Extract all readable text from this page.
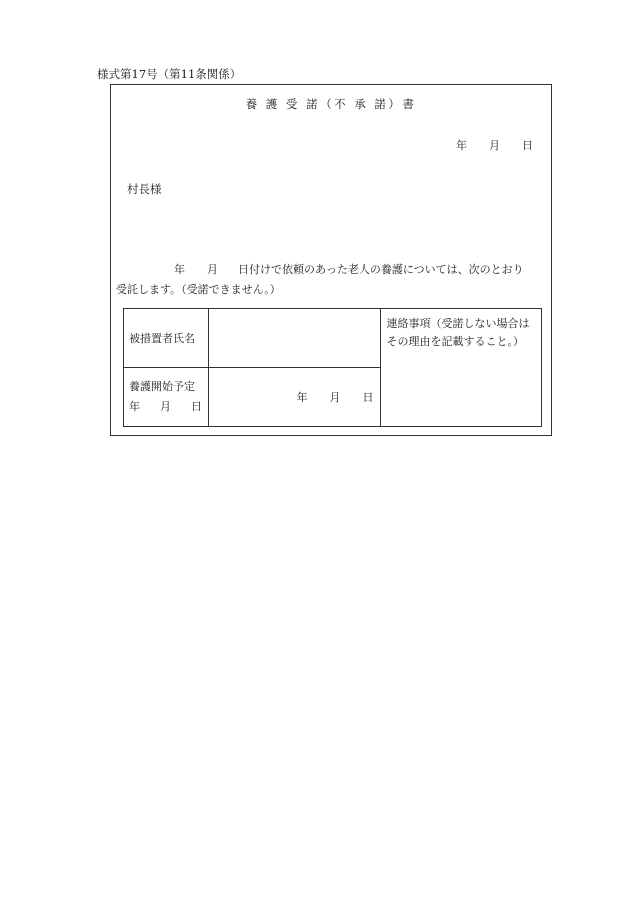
様式第17号（第11条関係）
養 護 受 諾（不 承 諾）書
年 月 日
村長様
年 月 日付けで依頼のあった老人の養護については、次のとおり
受託します。（受諾できません。）
被措置者氏名		連絡事項（受諾しない場合はその理由を記載すること。）

養護開始予定
年 月 日	年 月 日	
